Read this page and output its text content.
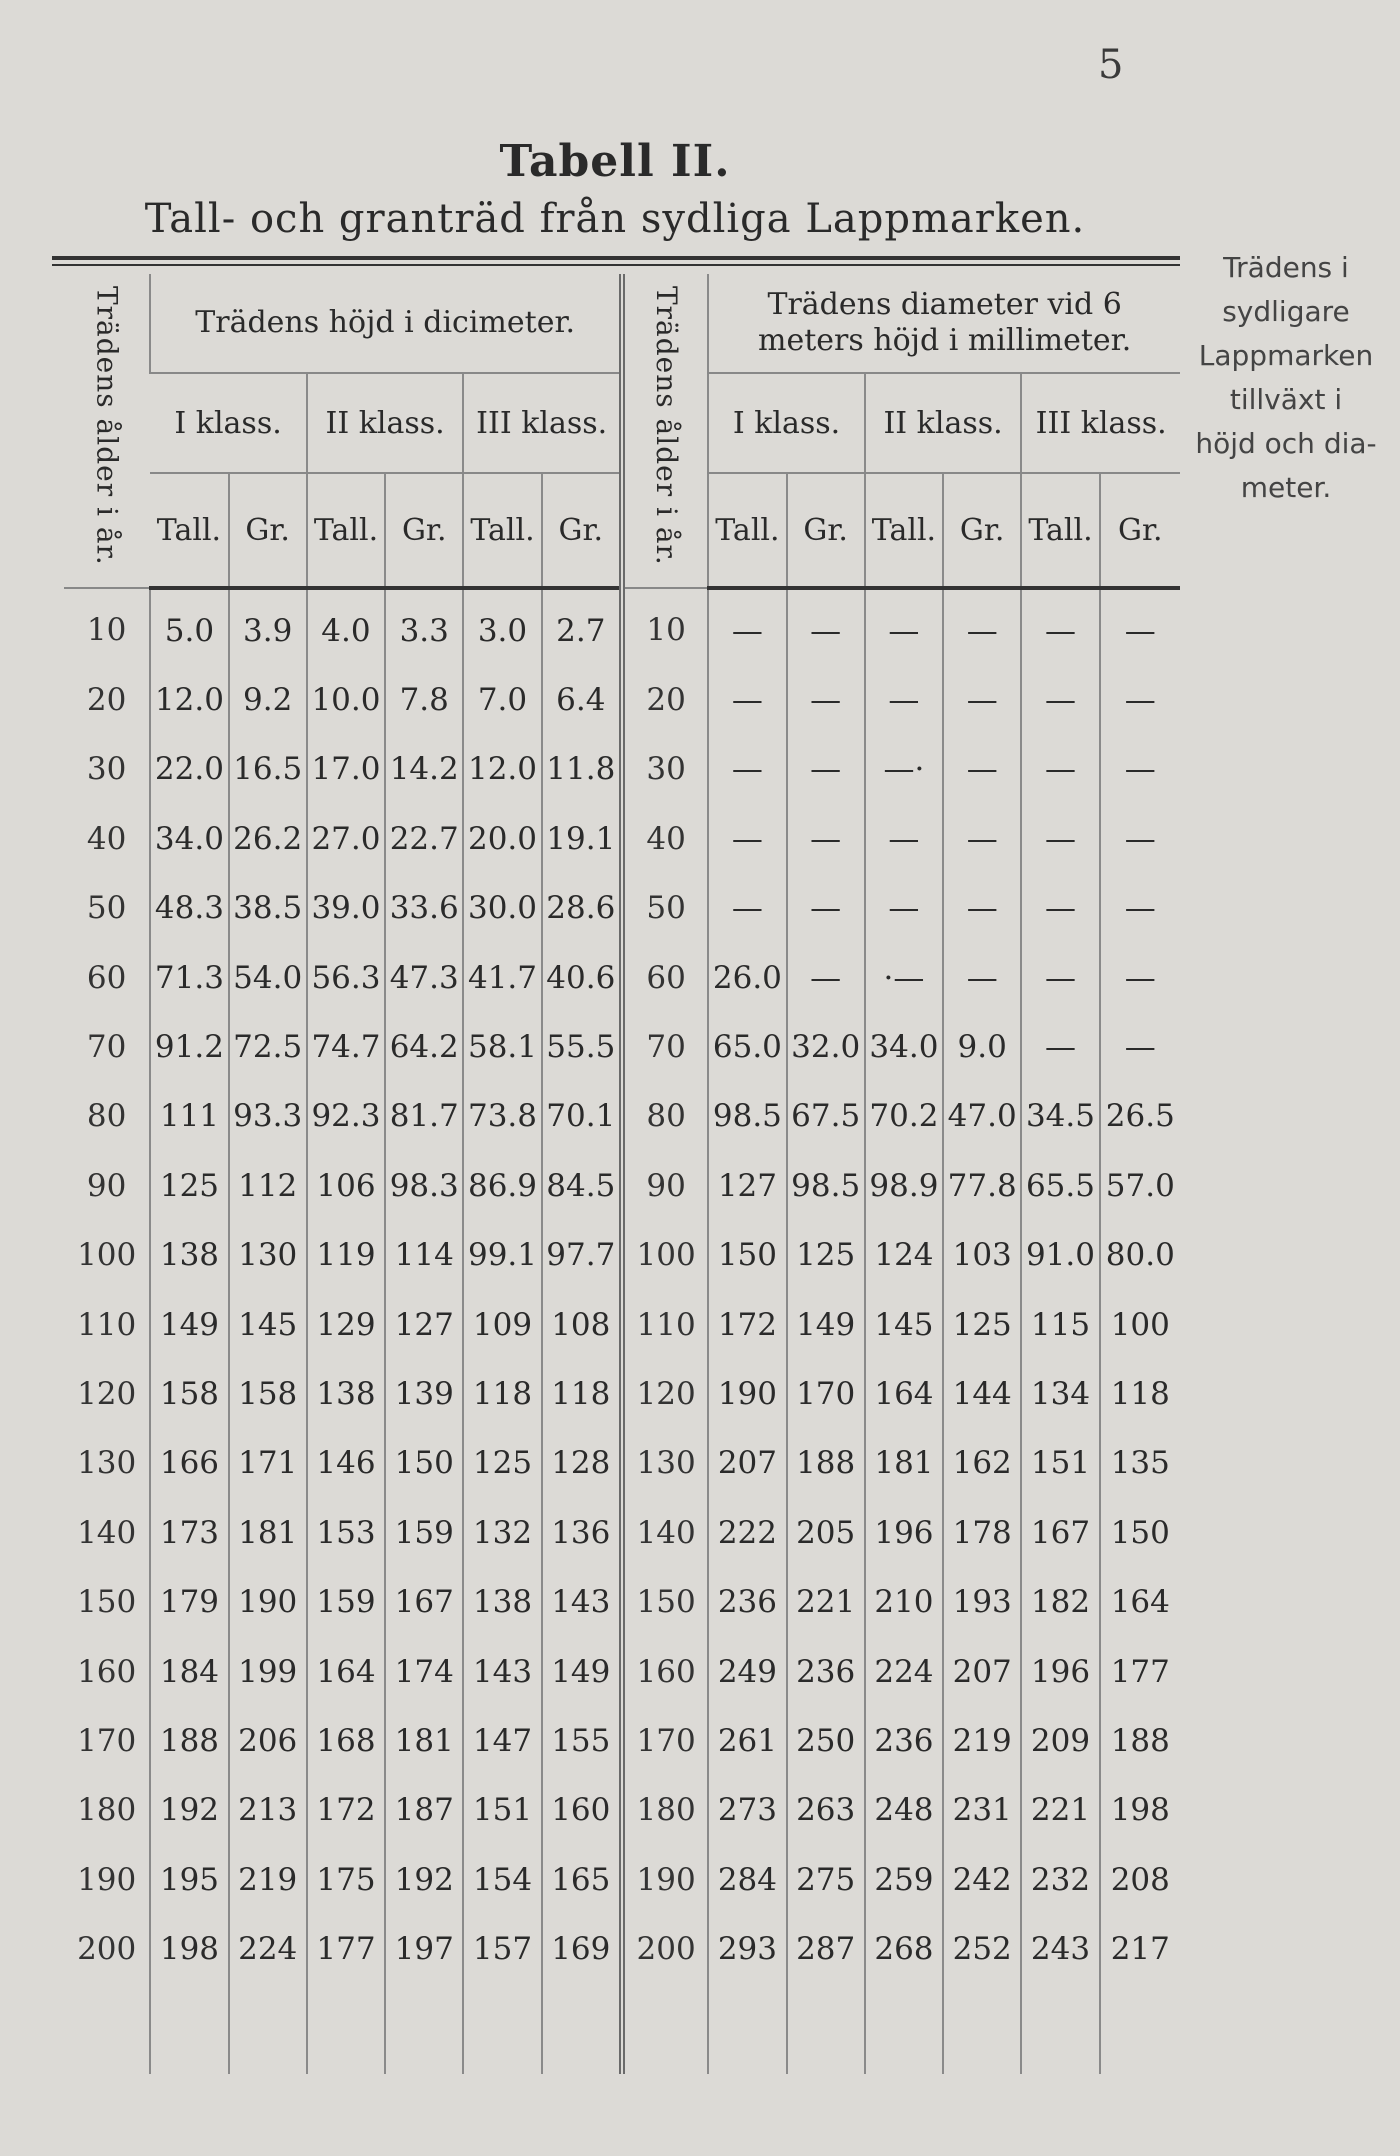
5
Tabell II.
Tall- och granträd från sydliga Lappmarken.
Trädens i
sydligare
Lappmarken
tillväxt i
höjd och dia-
meter.
Trädens ålder i år.	Trädens höjd i dicimeter.						Trädens ålder i år.	Trädens diameter vid 6 meters höjd i millimeter.					
	I klass.		II klass.		III klass.			I klass.		II klass.		III klass.	
	Tall.	Gr.	Tall.	Gr.	Tall.	Gr.		Tall.	Gr.	Tall.	Gr.	Tall.	Gr.
10	5.0	3.9	4.0	3.3	3.0	2.7	10	—	—	—	—	—	—
20	12.0	9.2	10.0	7.8	7.0	6.4	20	—	—	—	—	—	—
30	22.0	16.5	17.0	14.2	12.0	11.8	30	—	—	—·	—	—	—
40	34.0	26.2	27.0	22.7	20.0	19.1	40	—	—	—	—	—	—
50	48.3	38.5	39.0	33.6	30.0	28.6	50	—	—	—	—	—	—
60	71.3	54.0	56.3	47.3	41.7	40.6	60	26.0	—	·—	—	—	—
70	91.2	72.5	74.7	64.2	58.1	55.5	70	65.0	32.0	34.0	9.0	—	—
80	111	93.3	92.3	81.7	73.8	70.1	80	98.5	67.5	70.2	47.0	34.5	26.5
90	125	112	106	98.3	86.9	84.5	90	127	98.5	98.9	77.8	65.5	57.0
100	138	130	119	114	99.1	97.7	100	150	125	124	103	91.0	80.0
110	149	145	129	127	109	108	110	172	149	145	125	115	100
120	158	158	138	139	118	118	120	190	170	164	144	134	118
130	166	171	146	150	125	128	130	207	188	181	162	151	135
140	173	181	153	159	132	136	140	222	205	196	178	167	150
150	179	190	159	167	138	143	150	236	221	210	193	182	164
160	184	199	164	174	143	149	160	249	236	224	207	196	177
170	188	206	168	181	147	155	170	261	250	236	219	209	188
180	192	213	172	187	151	160	180	273	263	248	231	221	198
190	195	219	175	192	154	165	190	284	275	259	242	232	208
200	198	224	177	197	157	169	200	293	287	268	252	243	217
